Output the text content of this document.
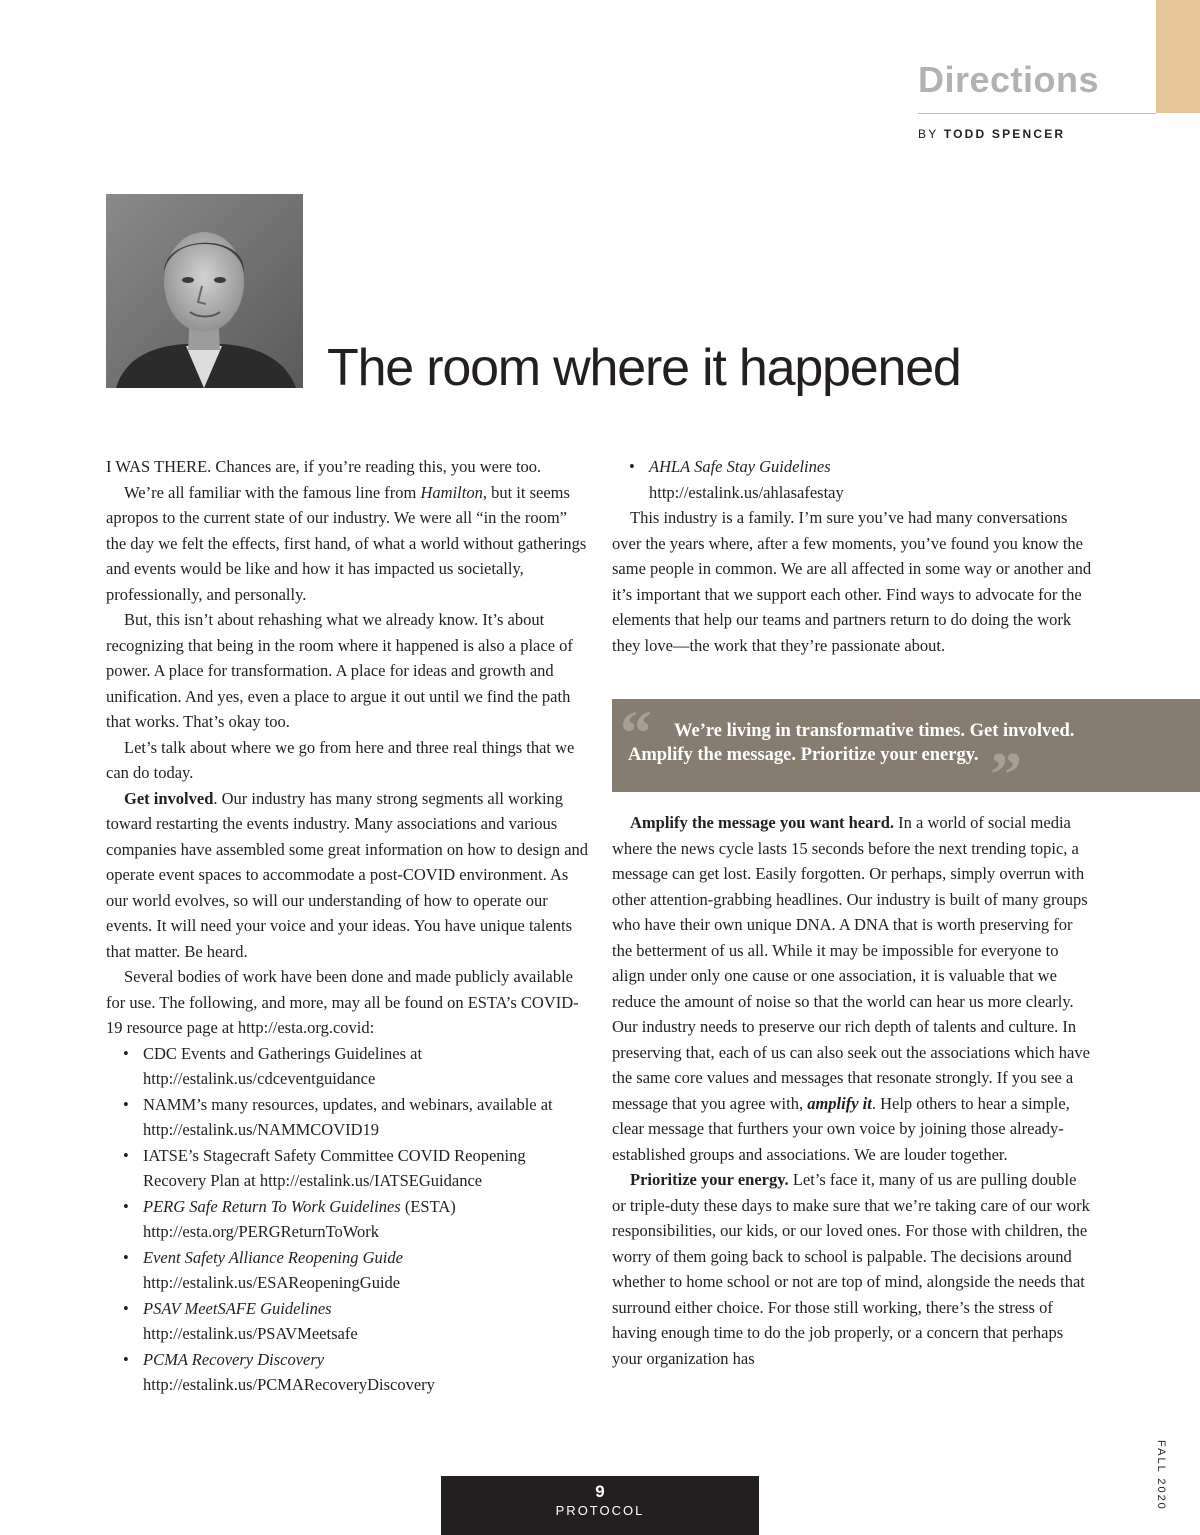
Directions
BY TODD SPENCER
The room where it happened

I WAS THERE. Chances are, if you’re reading this, you were too.

We’re all familiar with the famous line from Hamilton, but it seems apropos to the current state of our industry. We were all “in the room” the day we felt the effects, first hand, of what a world without gatherings and events would be like and how it has impacted us societally, professionally, and personally.

But, this isn’t about rehashing what we already know. It’s about recognizing that being in the room where it happened is also a place of power. A place for transformation. A place for ideas and growth and unification. And yes, even a place to argue it out until we find the path that works. That’s okay too.

Let’s talk about where we go from here and three real things that we can do today.

Get involved. Our industry has many strong segments all working toward restarting the events industry. Many associations and various companies have assembled some great information on how to design and operate event spaces to accommodate a post-COVID environment. As our world evolves, so will our understanding of how to operate our events. It will need your voice and your ideas. You have unique talents that matter. Be heard.

Several bodies of work have been done and made publicly available for use. The following, and more, may all be found on ESTA’s COVID-19 resource page at http://esta.org.covid:

• CDC Events and Gatherings Guidelines at
http://estalink.us/cdceventguidance
• NAMM’s many resources, updates, and webinars, available at
http://estalink.us/NAMMCOVID19
• IATSE’s Stagecraft Safety Committee COVID Reopening
Recovery Plan at http://estalink.us/IATSEGuidance
• PERG Safe Return To Work Guidelines (ESTA)
http://esta.org/PERGReturnToWork
• Event Safety Alliance Reopening Guide
http://estalink.us/ESAReopeningGuide
• PSAV MeetSAFE Guidelines
http://estalink.us/PSAVMeetsafe
• PCMA Recovery Discovery
http://estalink.us/PCMARecoveryDiscovery
• AHLA Safe Stay Guidelines
http://estalink.us/ahlasafestay

This industry is a family. I’m sure you’ve had many conversations over the years where, after a few moments, you’ve found you know the same people in common. We are all affected in some way or another and it’s important that we support each other. Find ways to advocate for the elements that help our teams and partners return to do doing the work they love—the work that they’re passionate about.

“	We’re living in transformative times. Get involved.
Amplify the message. Prioritize your energy. ”

Amplify the message you want heard. In a world of social media where the news cycle lasts 15 seconds before the next trending topic, a message can get lost. Easily forgotten. Or perhaps, simply overrun with other attention-grabbing headlines. Our industry is built of many groups who have their own unique DNA. A DNA that is worth preserving for the betterment of us all. While it may be impossible for everyone to align under only one cause or one association, it is valuable that we reduce the amount of noise so that the world can hear us more clearly. Our industry needs to preserve our rich depth of talents and culture. In preserving that, each of us can also seek out the associations which have the same core values and messages that resonate strongly. If you see a message that you agree with, amplify it. Help others to hear a simple, clear message that furthers your own voice by joining those already-established groups and associations. We are louder together.

Prioritize your energy. Let’s face it, many of us are pulling double or triple-duty these days to make sure that we’re taking care of our work responsibilities, our kids, or our loved ones. For those with children, the worry of them going back to school is palpable. The decisions around whether to home school or not are top of mind, alongside the needs that surround either choice. For those still working, there’s the stress of having enough time to do the job properly, or a concern that perhaps your organization has

FALL 2020
9
PROTOCOL
